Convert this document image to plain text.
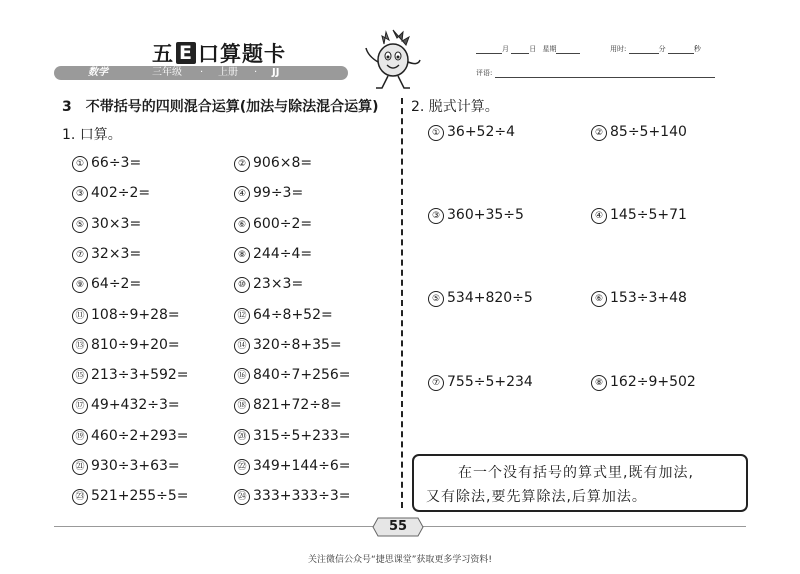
五 E 口算题卡
数学	三年级 · 上册 · JJ
月	日 星期	用时:	分	秒
评语:
3 不带括号的四则混合运算(加法与除法混合运算)
1. 口算。
① 66÷3=	② 906×8=
③ 402÷2=	④ 99÷3=
⑤ 30×3=	⑥ 600÷2=
⑦ 32×3=	⑧ 244÷4=
⑨ 64÷2=	⑩ 23×3=
⑪ 108÷9+28=	⑫ 64÷8+52=
⑬ 810÷9+20=	⑭ 320÷8+35=
⑮ 213÷3+592=	⑯ 840÷7+256=
⑰ 49+432÷3=	⑱ 821+72÷8=
⑲ 460÷2+293=	⑳ 315÷5+233=
㉑ 930÷3+63=	㉒ 349+144÷6=
㉓ 521+255÷5=	㉔ 333+333÷3=
2. 脱式计算。
① 36+52÷4	② 85÷5+140
③ 360+35÷5	④ 145÷5+71
⑤ 534+820÷5	⑥ 153÷3+48
⑦ 755÷5+234	⑧ 162÷9+502
在一个没有括号的算式里,既有加法,
又有除法,要先算除法,后算加法。
55
关注微信公众号“捷思课堂”获取更多学习资料!
